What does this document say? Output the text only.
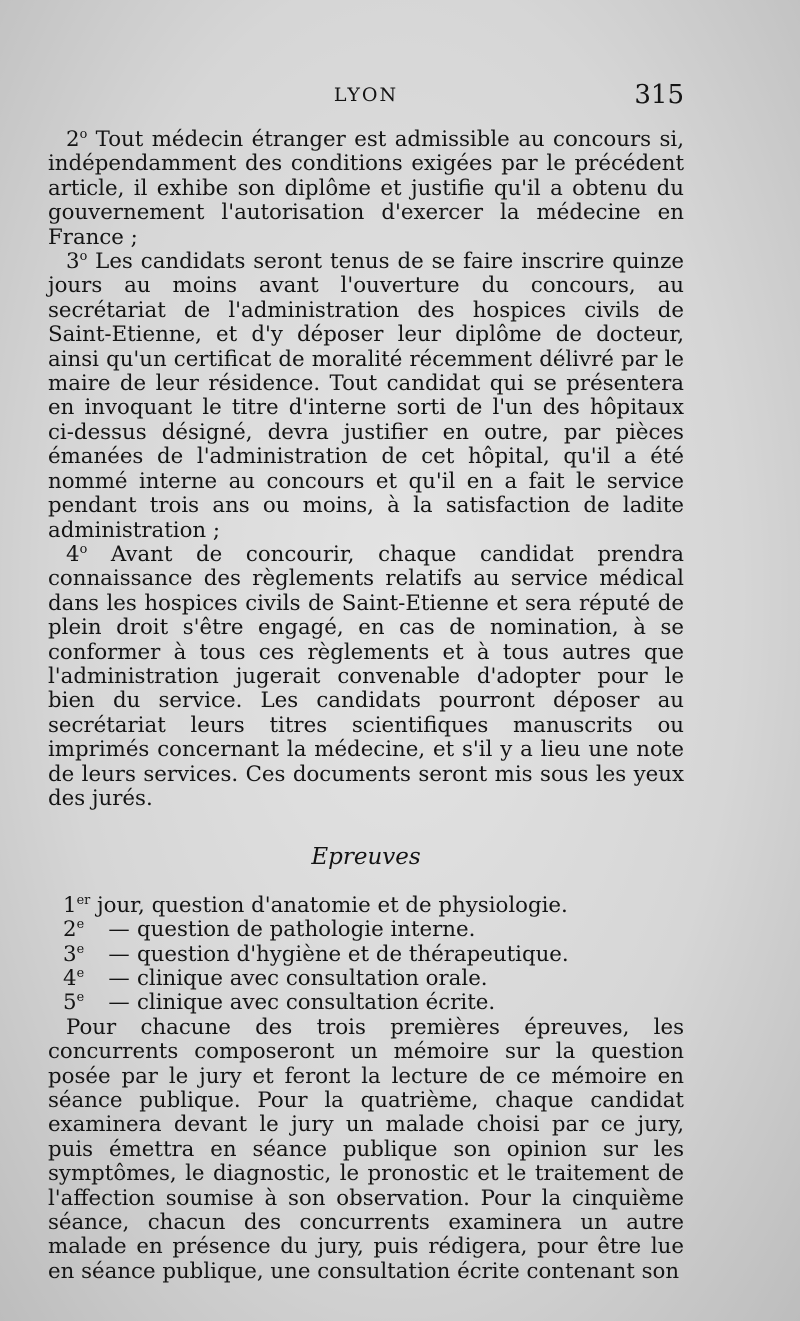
LYON	315

2$^o$ Tout médecin étranger est admissible au concours si, indépendamment des conditions exigées par le précédent article, il exhibe son diplôme et justifie qu'il a obtenu du gouvernement l'autorisation d'exercer la médecine en France ;

3$^o$ Les candidats seront tenus de se faire inscrire quinze jours au moins avant l'ouverture du concours, au secrétariat de l'administration des hospices civils de Saint-Etienne, et d'y déposer leur diplôme de docteur, ainsi qu'un certificat de moralité récemment délivré par le maire de leur résidence. Tout candidat qui se présentera en invoquant le titre d'interne sorti de l'un des hôpitaux ci-dessus désigné, devra justifier en outre, par pièces émanées de l'administration de cet hôpital, qu'il a été nommé interne au concours et qu'il en a fait le service pendant trois ans ou moins, à la satisfaction de ladite administration ;

4$^o$ Avant de concourir, chaque candidat prendra connaissance des règlements relatifs au service médical dans les hospices civils de Saint-Etienne et sera réputé de plein droit s'être engagé, en cas de nomination, à se conformer à tous ces règlements et à tous autres que l'administration jugerait convenable d'adopter pour le bien du service. Les candidats pourront déposer au secrétariat leurs titres scientifiques manuscrits ou imprimés concernant la médecine, et s'il y a lieu une note de leurs services. Ces documents seront mis sous les yeux des jurés.

Epreuves
1er
jour,
question d'anatomie et de physiologie.
2e	— question de pathologie interne.
3e	— question d'hygiène et de thérapeutique.
4e	— clinique avec consultation orale.
5e	— clinique avec consultation écrite.

Pour chacune des trois premières épreuves, les concurrents composeront un mémoire sur la question posée par le jury et feront la lecture de ce mémoire en séance publique. Pour la quatrième, chaque candidat examinera devant le jury un malade choisi par ce jury, puis émettra en séance publique son opinion sur les symptômes, le diagnostic, le pronostic et le traitement de l'affection soumise à son observation. Pour la cinquième séance, chacun des concurrents examinera un autre malade en présence du jury, puis rédigera, pour être lue en séance publique, une consultation écrite contenant son
